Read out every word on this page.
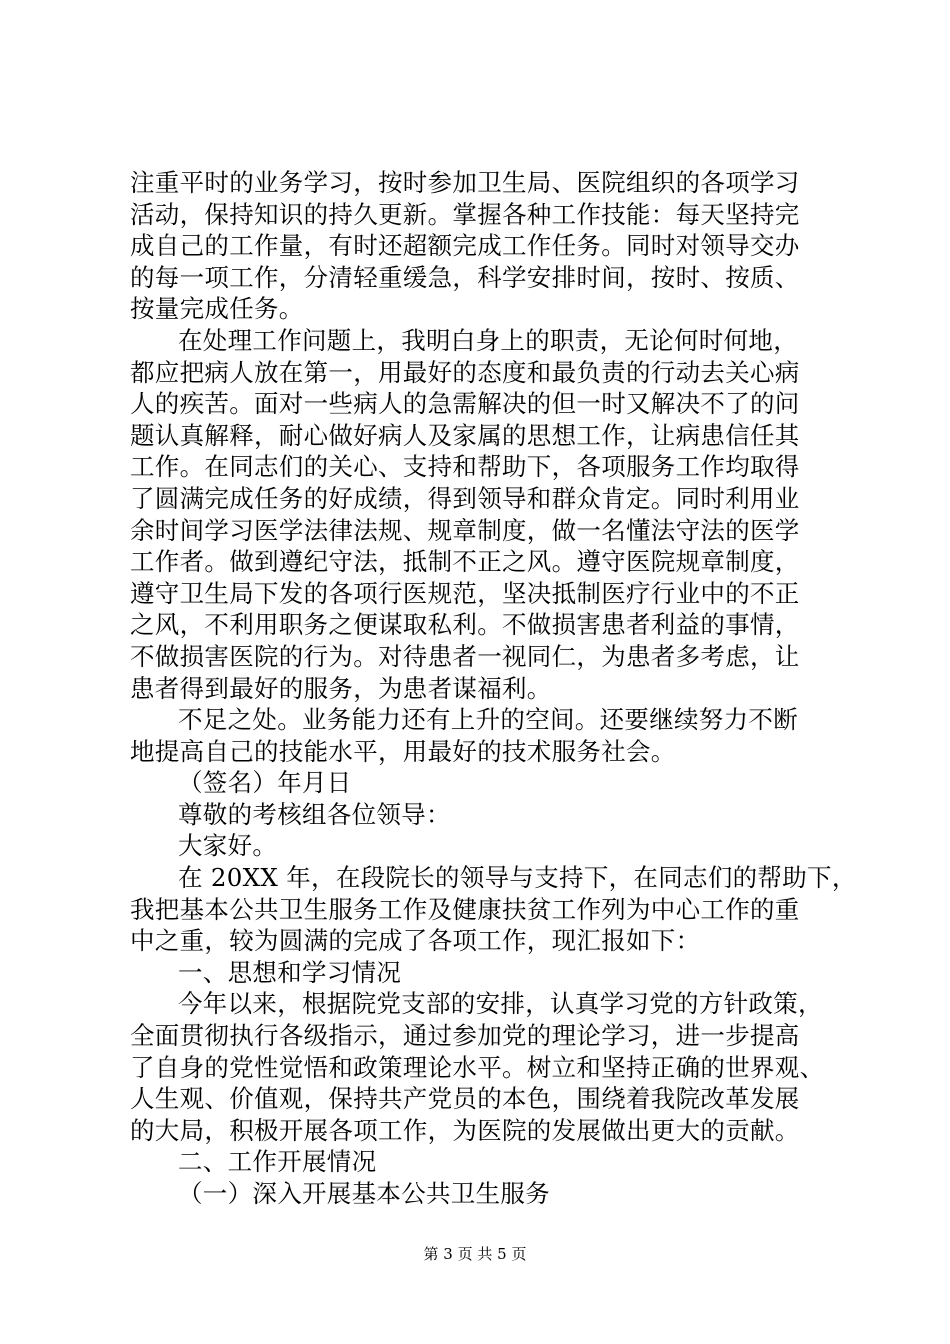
注重平时的业务学习，按时参加卫生局、医院组织的各项学习
活动，保持知识的持久更新。掌握各种工作技能：每天坚持完
成自己的工作量，有时还超额完成工作任务。同时对领导交办
的每一项工作，分清轻重缓急，科学安排时间，按时、按质、
按量完成任务。
在处理工作问题上，我明白身上的职责，无论何时何地，
都应把病人放在第一，用最好的态度和最负责的行动去关心病
人的疾苦。面对一些病人的急需解决的但一时又解决不了的问
题认真解释，耐心做好病人及家属的思想工作，让病患信任其
工作。在同志们的关心、支持和帮助下，各项服务工作均取得
了圆满完成任务的好成绩，得到领导和群众肯定。同时利用业
余时间学习医学法律法规、规章制度，做一名懂法守法的医学
工作者。做到遵纪守法，抵制不正之风。遵守医院规章制度，
遵守卫生局下发的各项行医规范，坚决抵制医疗行业中的不正
之风，不利用职务之便谋取私利。不做损害患者利益的事情，
不做损害医院的行为。对待患者一视同仁，为患者多考虑，让
患者得到最好的服务，为患者谋福利。
不足之处。业务能力还有上升的空间。还要继续努力不断
地提高自己的技能水平，用最好的技术服务社会。
（签名）年月日
尊敬的考核组各位领导：
大家好。
在 20XX 年，在段院长的领导与支持下，在同志们的帮助下，
我把基本公共卫生服务工作及健康扶贫工作列为中心工作的重
中之重，较为圆满的完成了各项工作，现汇报如下：
一、思想和学习情况
今年以来，根据院党支部的安排，认真学习党的方针政策，
全面贯彻执行各级指示，通过参加党的理论学习，进一步提高
了自身的党性觉悟和政策理论水平。树立和坚持正确的世界观、
人生观、价值观，保持共产党员的本色，围绕着我院改革发展
的大局，积极开展各项工作，为医院的发展做出更大的贡献。
二、工作开展情况
（一）深入开展基本公共卫生服务
第 3 页 共 5 页
